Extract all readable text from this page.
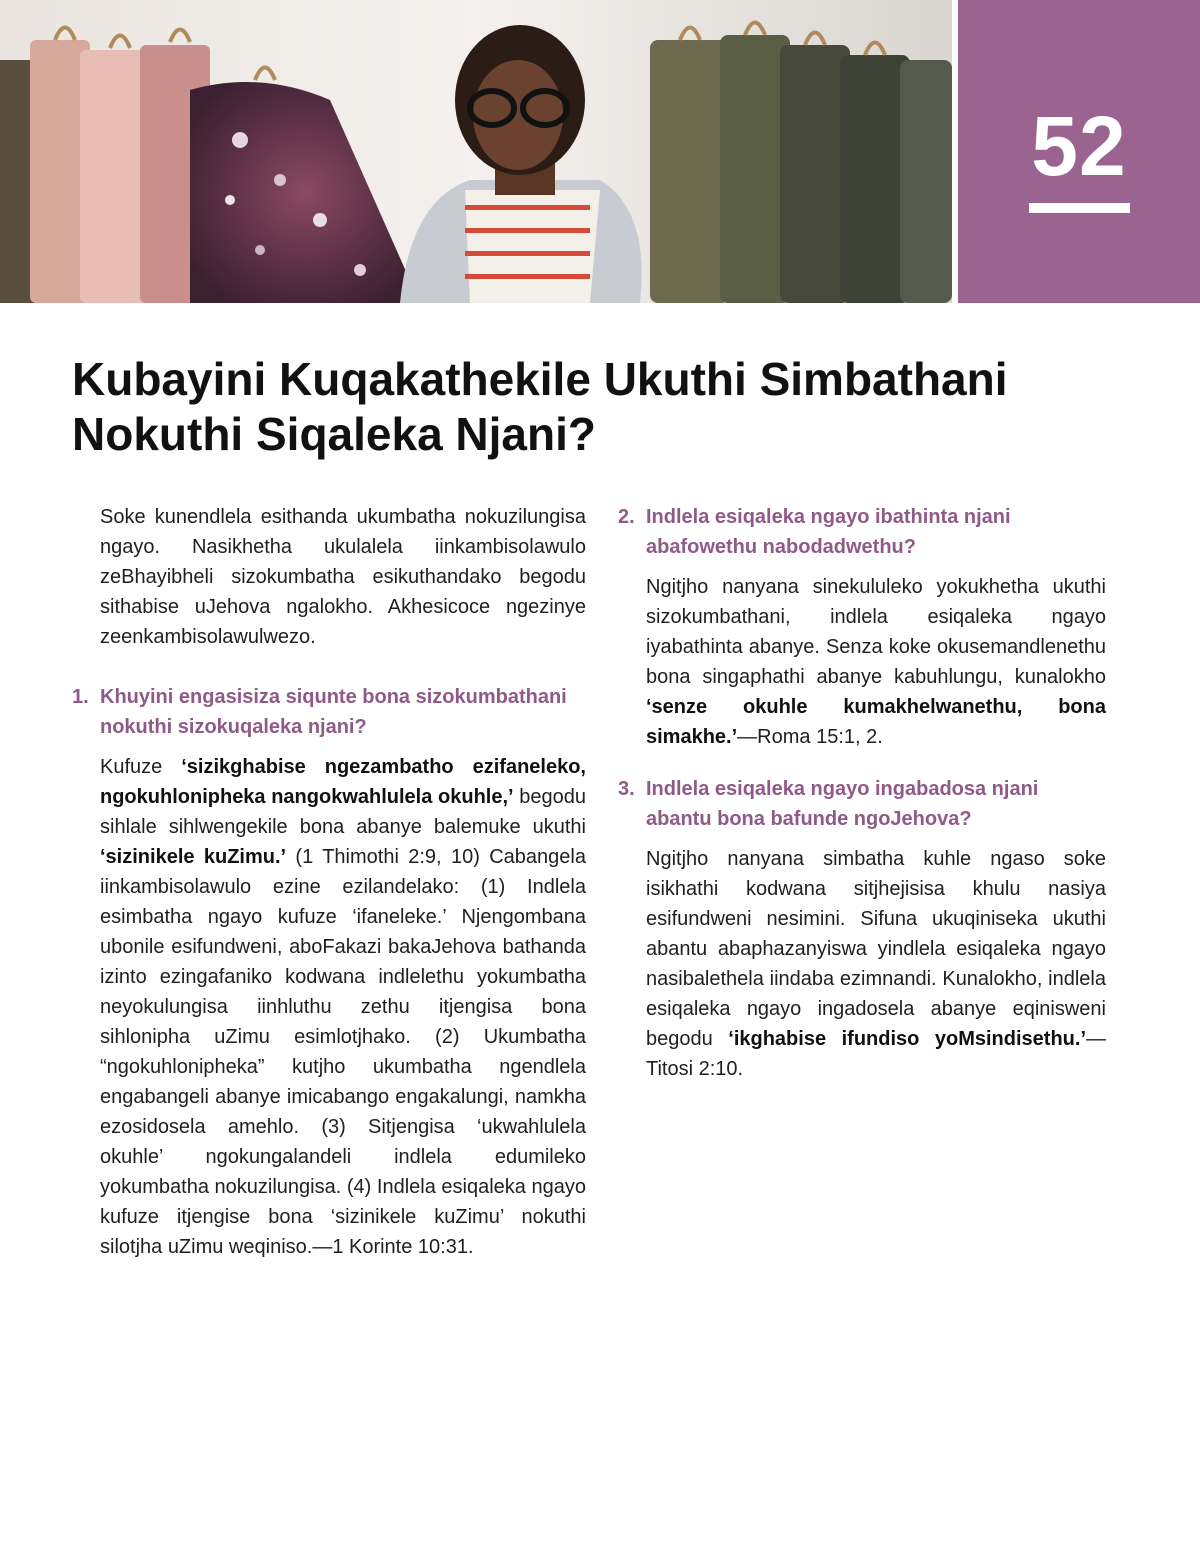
52
Kubayini Kuqakathekile Ukuthi Simbathani Nokuthi Siqaleka Njani?

Soke kunendlela esithanda ukumbatha nokuzilungisa ngayo. Nasikhetha ukulalela iinkambisolawulo zeBhayibheli sizokumbatha esikuthandako begodu sithabise uJehova ngalokho. Akhesicoce ngezinye zeenkambisolawulwezo.

1. Khuyini engasisiza siqunte bona sizokumbathani nokuthi sizokuqaleka njani?

Kufuze ‘sizikghabise ngezambatho ezifaneleko, ngokuhlonipheka nangokwahlulela okuhle,’ begodu sihlale sihlwengekile bona abanye balemuke ukuthi ‘sizinikele kuZimu.’ (1 Thimothi 2:9, 10) Cabangela iinkambisolawulo ezine ezilandelako: (1) Indlela esimbatha ngayo kufuze ‘ifaneleke.’ Njengombana ubonile esifundweni, aboFakazi bakaJehova bathanda izinto ezingafaniko kodwana indlelethu yokumbatha neyokulungisa iinhluthu zethu itjengisa bona sihlonipha uZimu esimlotjhako. (2) Ukumbatha “ngokuhlonipheka” kutjho ukumbatha ngendlela engabangeli abanye imicabango engakalungi, namkha ezosidosela amehlo. (3) Sitjengisa ‘ukwahlulela okuhle’ ngokungalandeli indlela edumileko yokumbatha nokuzilungisa. (4) Indlela esiqaleka ngayo kufuze itjengise bona ‘sizinikele kuZimu’ nokuthi silotjha uZimu weqiniso.—1 Korinte 10:31.

2. Indlela esiqaleka ngayo ibathinta njani abafowethu nabodadwethu?

Ngitjho nanyana sinekululeko yokukhetha ukuthi sizokumbathani, indlela esiqaleka ngayo iyabathinta abanye. Senza koke okusemandlenethu bona singaphathi abanye kabuhlungu, kunalokho ‘senze okuhle kumakhelwanethu, bona simakhe.’—Roma 15:1, 2.

3. Indlela esiqaleka ngayo ingabadosa njani abantu bona bafunde ngoJehova?

Ngitjho nanyana simbatha kuhle ngaso soke isikhathi kodwana sitjhejisisa khulu nasiya esifundweni nesimini. Sifuna ukuqiniseka ukuthi abantu abaphazanyiswa yindlela esiqaleka ngayo nasibalethela iindaba ezimnandi. Kunalokho, indlela esiqaleka ngayo ingadosela abanye eqinisweni begodu ‘ikghabise ifundiso yoMsindisethu.’—Titosi 2:10.
